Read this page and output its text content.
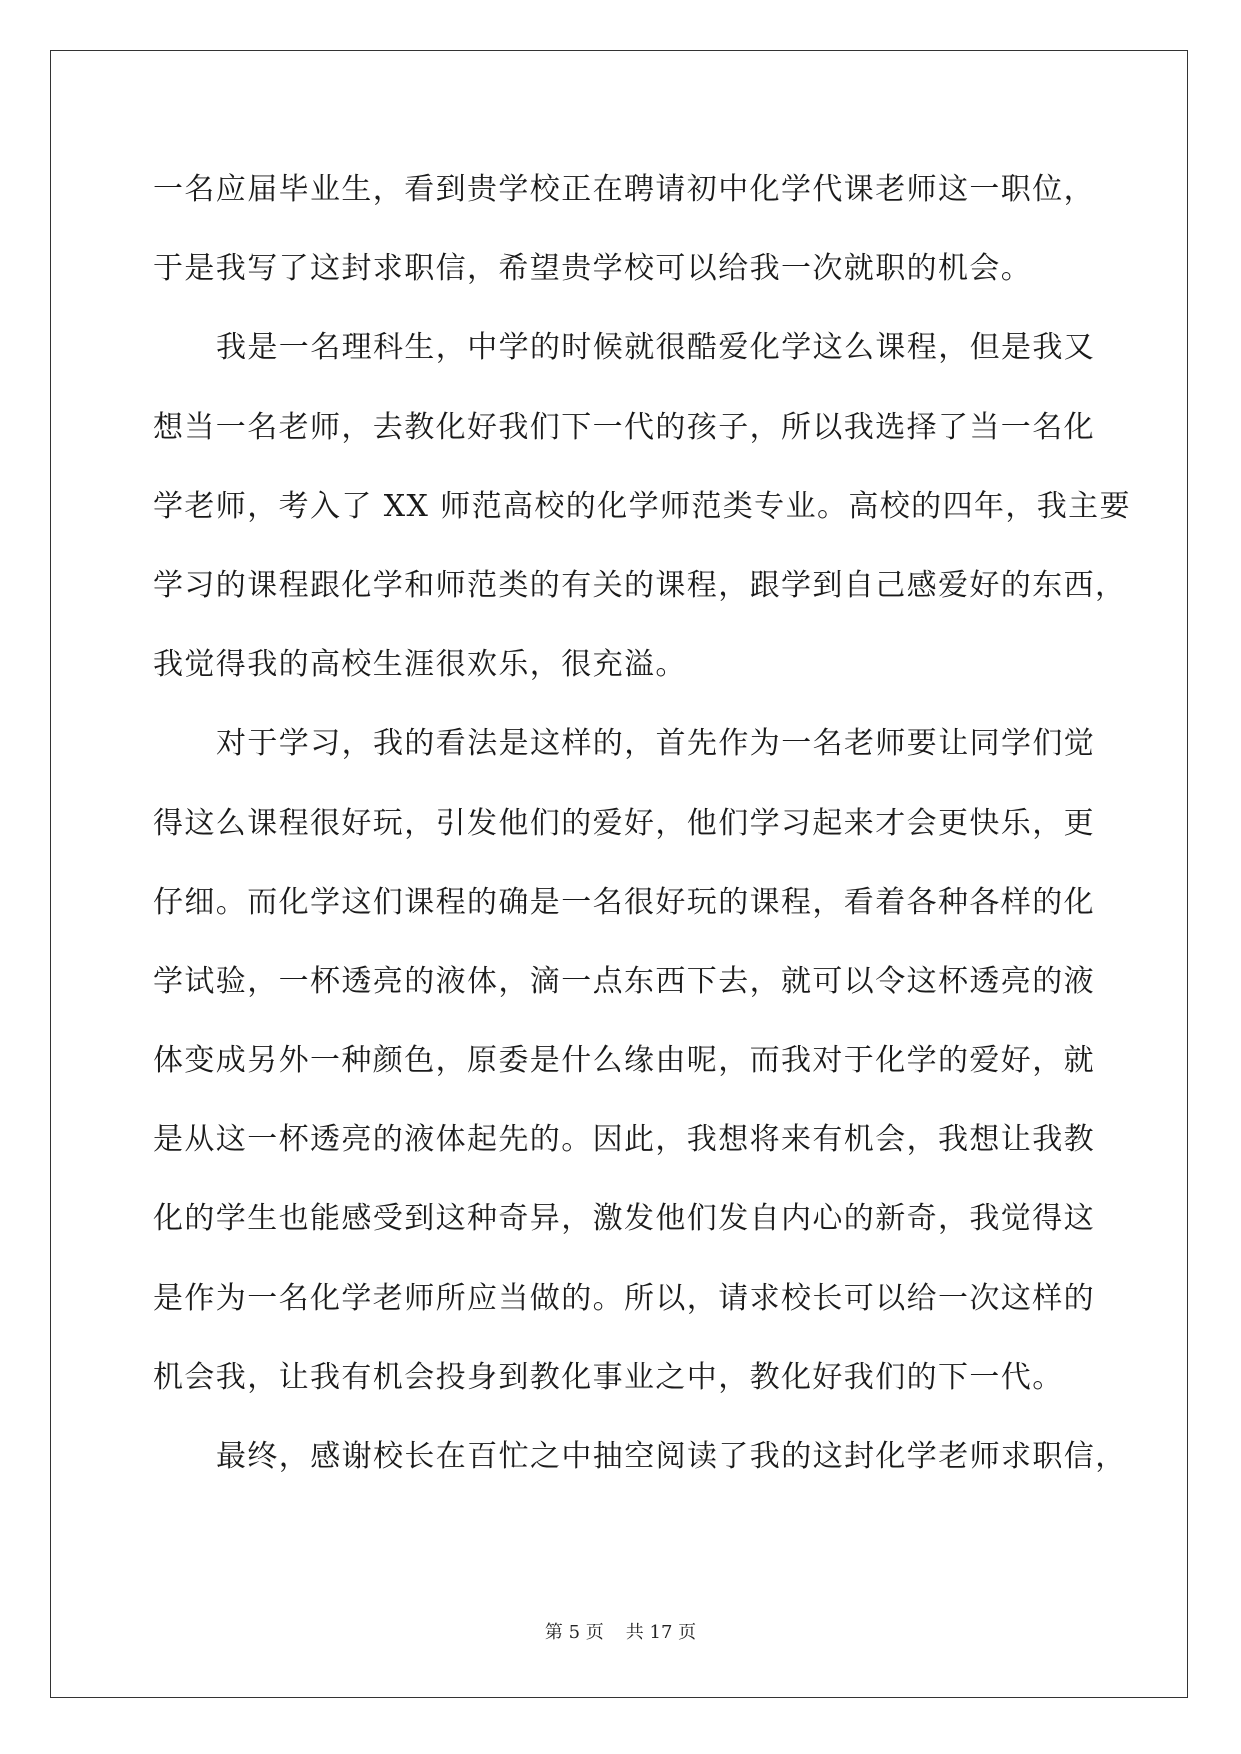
一名应届毕业生，看到贵学校正在聘请初中化学代课老师这一职位，
于是我写了这封求职信，希望贵学校可以给我一次就职的机会。
我是一名理科生，中学的时候就很酷爱化学这么课程，但是我又
想当一名老师，去教化好我们下一代的孩子，所以我选择了当一名化
学老师，考入了 XX 师范高校的化学师范类专业。高校的四年，我主要
学习的课程跟化学和师范类的有关的课程，跟学到自己感爱好的东西，
我觉得我的高校生涯很欢乐，很充溢。
对于学习，我的看法是这样的，首先作为一名老师要让同学们觉
得这么课程很好玩，引发他们的爱好，他们学习起来才会更快乐，更
仔细。而化学这们课程的确是一名很好玩的课程，看着各种各样的化
学试验，一杯透亮的液体，滴一点东西下去，就可以令这杯透亮的液
体变成另外一种颜色，原委是什么缘由呢，而我对于化学的爱好，就
是从这一杯透亮的液体起先的。因此，我想将来有机会，我想让我教
化的学生也能感受到这种奇异，激发他们发自内心的新奇，我觉得这
是作为一名化学老师所应当做的。所以，请求校长可以给一次这样的
机会我，让我有机会投身到教化事业之中，教化好我们的下一代。
最终，感谢校长在百忙之中抽空阅读了我的这封化学老师求职信，
第 5 页 共 17 页
